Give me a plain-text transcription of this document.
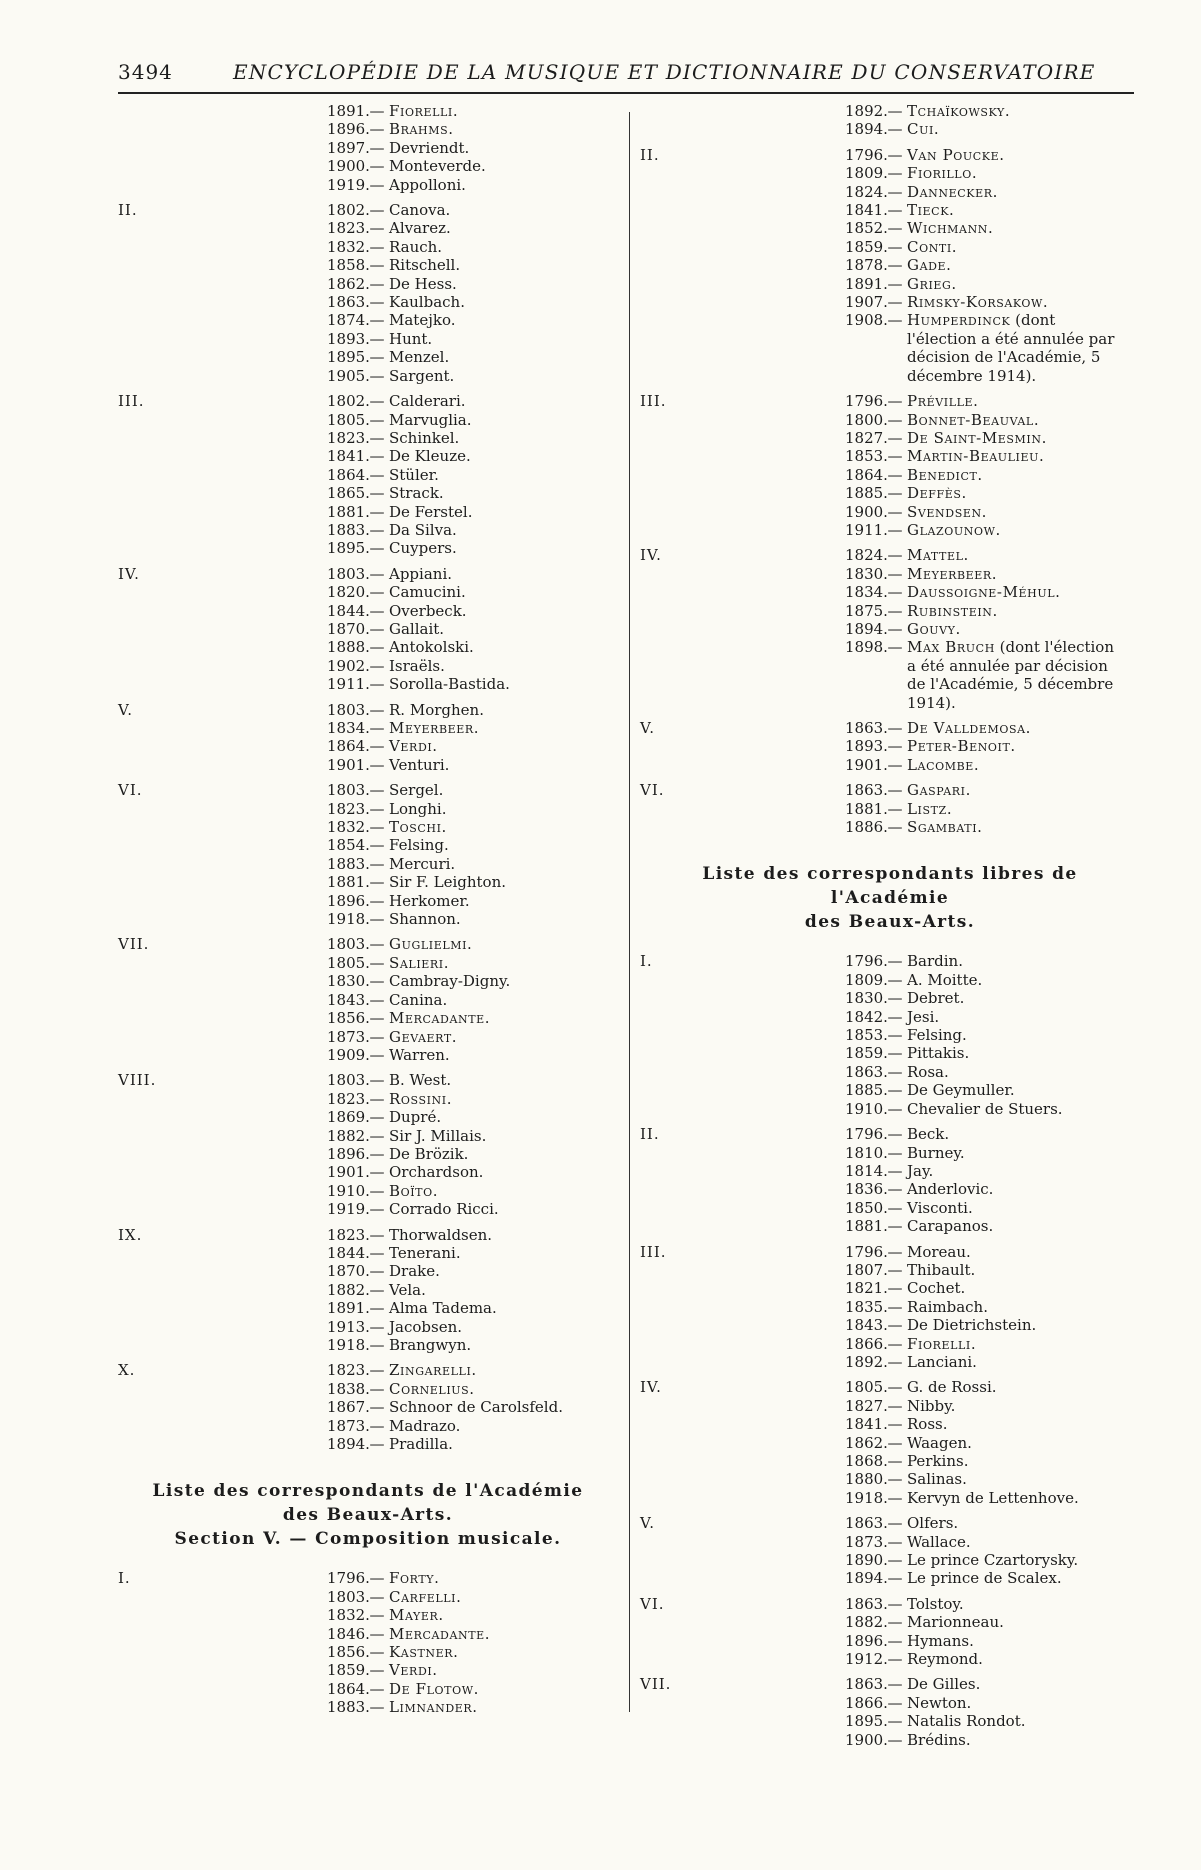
3494	ENCYCLOPÉDIE DE LA MUSIQUE ET DICTIONNAIRE DU CONSERVATOIRE
1891. — Fiorelli.
1896. — Brahms.
1897. — Devriendt.
1900. — Monteverde.
1919. — Appolloni.
II.	1802. — Canova.
1823. — Alvarez.
1832. — Rauch.
1858. — Ritschell.
1862. — De Hess.
1863. — Kaulbach.
1874. — Matejko.
1893. — Hunt.
1895. — Menzel.
1905. — Sargent.
III.	1802. — Calderari.
1805. — Marvuglia.
1823. — Schinkel.
1841. — De Kleuze.
1864. — Stüler.
1865. — Strack.
1881. — De Ferstel.
1883. — Da Silva.
1895. — Cuypers.
IV.	1803. — Appiani.
1820. — Camucini.
1844. — Overbeck.
1870. — Gallait.
1888. — Antokolski.
1902. — Israëls.
1911. — Sorolla-Bastida.
V.	1803. — R. Morghen.
1834. — Meyerbeer.
1864. — Verdi.
1901. — Venturi.
VI.	1803. — Sergel.
1823. — Longhi.
1832. — Toschi.
1854. — Felsing.
1883. — Mercuri.
1881. — Sir F. Leighton.
1896. — Herkomer.
1918. — Shannon.
VII.	1803. — Guglielmi.
1805. — Salieri.
1830. — Cambray-Digny.
1843. — Canina.
1856. — Mercadante.
1873. — Gevaert.
1909. — Warren.
VIII.	1803. — B. West.
1823. — Rossini.
1869. — Dupré.
1882. — Sir J. Millais.
1896. — De Brözik.
1901. — Orchardson.
1910. — Boïto.
1919. — Corrado Ricci.
IX.	1823. — Thorwaldsen.
1844. — Tenerani.
1870. — Drake.
1882. — Vela.
1891. — Alma Tadema.
1913. — Jacobsen.
1918. — Brangwyn.
X.	1823. — Zingarelli.
1838. — Cornelius.
1867. — Schnoor de Carolsfeld.
1873. — Madrazo.
1894. — Pradilla.
Liste des correspondants de l'Académie
des Beaux-Arts.
Section V. — Composition musicale.
I.	1796. — Forty.
1803. — Carfelli.
1832. — Mayer.
1846. — Mercadante.
1856. — Kastner.
1859. — Verdi.
1864. — De Flotow.
1883. — Limnander.
1892. — Tchaïkowsky.
1894. — Cui.
II.	1796. — Van Poucke.
1809. — Fiorillo.
1824. — Dannecker.
1841. — Tieck.
1852. — Wichmann.
1859. — Conti.
1878. — Gade.
1891. — Grieg.
1907. — Rimsky-Korsakow.
1908. — Humperdinck (dont l'élection a été annulée par décision de l'Académie, 5 décembre 1914).
III.	1796. — Préville.
1800. — Bonnet-Beauval.
1827. — De Saint-Mesmin.
1853. — Martin-Beaulieu.
1864. — Benedict.
1885. — Deffès.
1900. — Svendsen.
1911. — Glazounow.
IV.	1824. — Mattel.
1830. — Meyerbeer.
1834. — Daussoigne-Méhul.
1875. — Rubinstein.
1894. — Gouvy.
1898. — Max Bruch (dont l'élection a été annulée par décision de l'Académie, 5 décembre 1914).
V.	1863. — De Valldemosa.
1893. — Peter-Benoit.
1901. — Lacombe.
VI.	1863. — Gaspari.
1881. — Listz.
1886. — Sgambati.
Liste des correspondants libres de l'Académie
des Beaux-Arts.
I.	1796. — Bardin.
1809. — A. Moitte.
1830. — Debret.
1842. — Jesi.
1853. — Felsing.
1859. — Pittakis.
1863. — Rosa.
1885. — De Geymuller.
1910. — Chevalier de Stuers.
II.	1796. — Beck.
1810. — Burney.
1814. — Jay.
1836. — Anderlovic.
1850. — Visconti.
1881. — Carapanos.
III.	1796. — Moreau.
1807. — Thibault.
1821. — Cochet.
1835. — Raimbach.
1843. — De Dietrichstein.
1866. — Fiorelli.
1892. — Lanciani.
IV.	1805. — G. de Rossi.
1827. — Nibby.
1841. — Ross.
1862. — Waagen.
1868. — Perkins.
1880. — Salinas.
1918. — Kervyn de Lettenhove.
V.	1863. — Olfers.
1873. — Wallace.
1890. — Le prince Czartorysky.
1894. — Le prince de Scalex.
VI.	1863. — Tolstoy.
1882. — Marionneau.
1896. — Hymans.
1912. — Reymond.
VII.	1863. — De Gilles.
1866. — Newton.
1895. — Natalis Rondot.
1900. — Brédins.
